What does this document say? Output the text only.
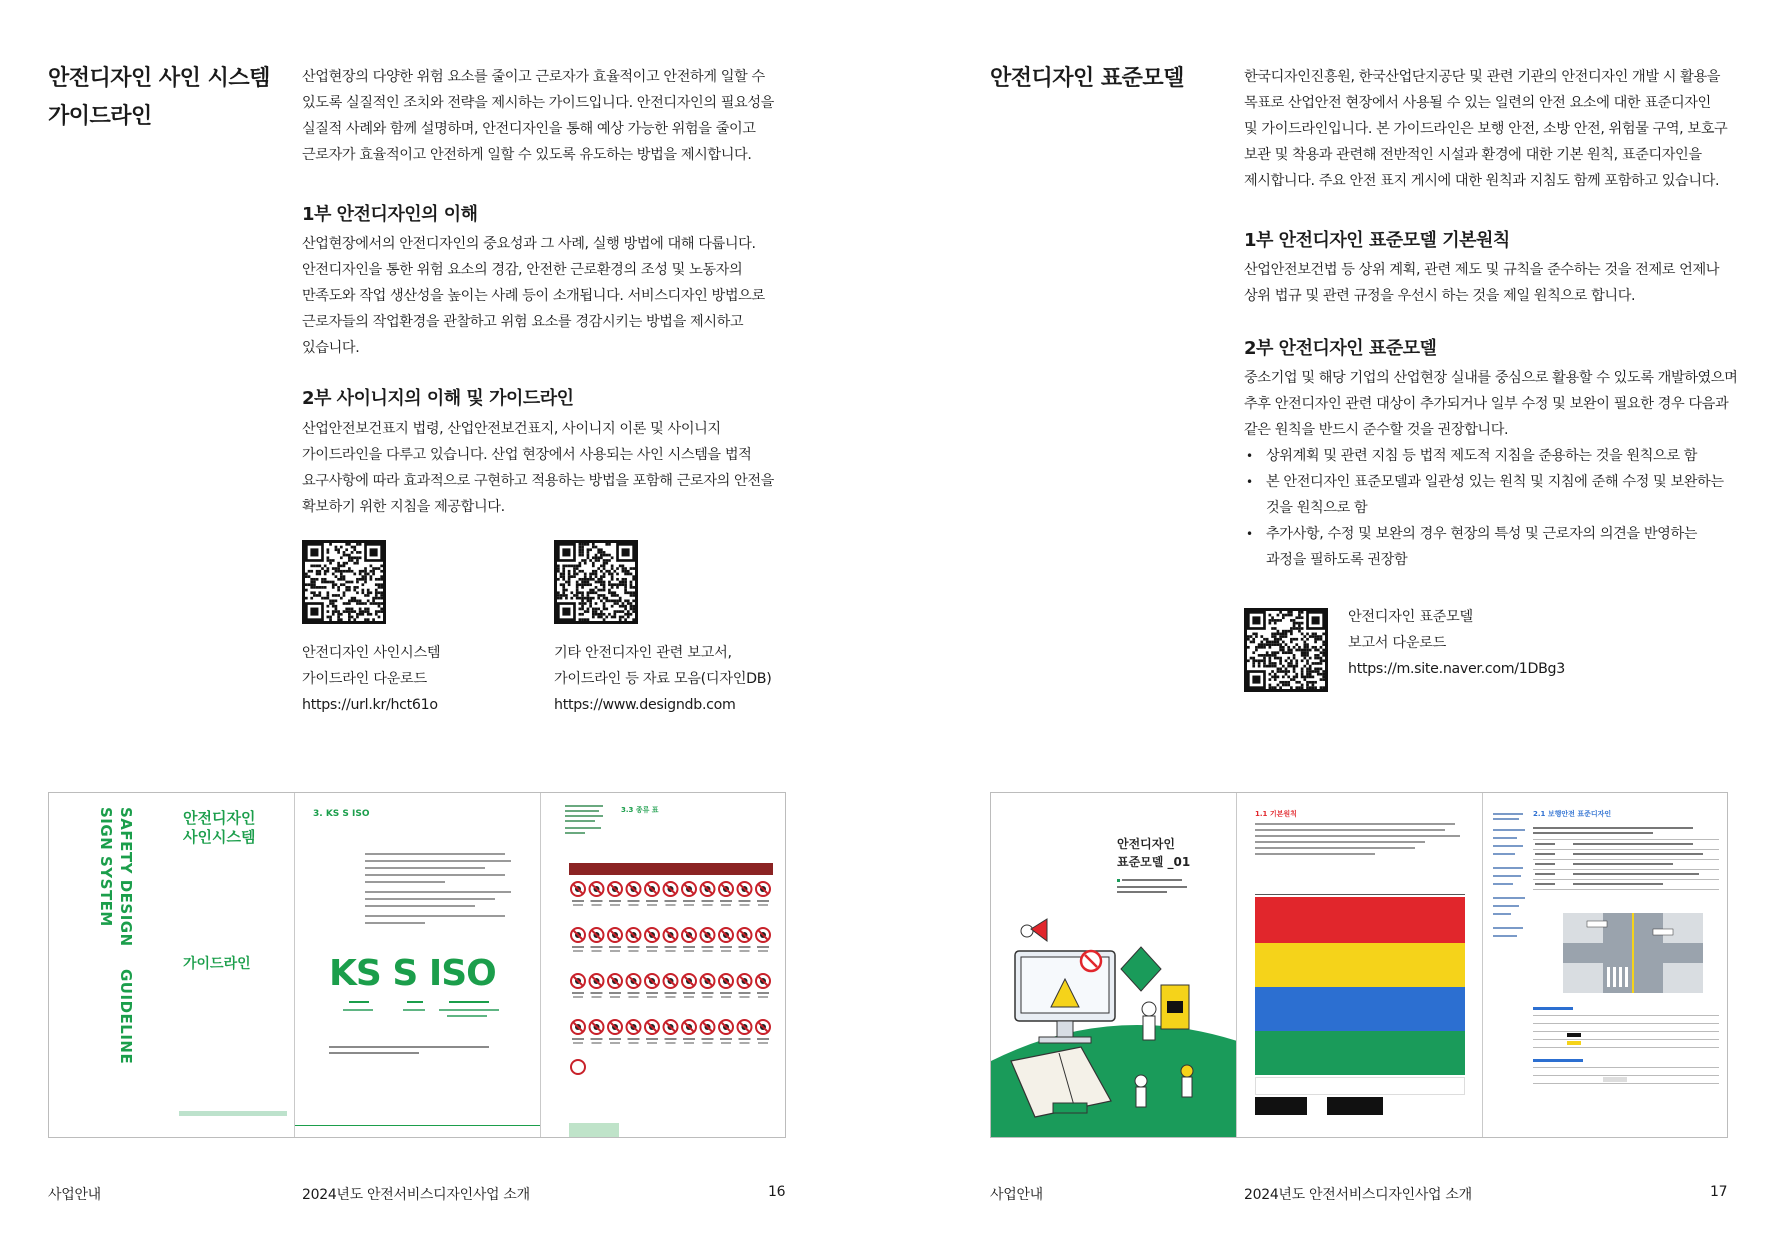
안전디자인 사인 시스템
가이드라인
산업현장의 다양한 위험 요소를 줄이고 근로자가 효율적이고 안전하게 일할 수
있도록 실질적인 조치와 전략을 제시하는 가이드입니다. 안전디자인의 필요성을
실질적 사례와 함께 설명하며, 안전디자인을 통해 예상 가능한 위험을 줄이고
근로자가 효율적이고 안전하게 일할 수 있도록 유도하는 방법을 제시합니다.
1부 안전디자인의 이해
산업현장에서의 안전디자인의 중요성과 그 사례, 실행 방법에 대해 다룹니다.
안전디자인을 통한 위험 요소의 경감, 안전한 근로환경의 조성 및 노동자의
만족도와 작업 생산성을 높이는 사례 등이 소개됩니다. 서비스디자인 방법으로
근로자들의 작업환경을 관찰하고 위험 요소를 경감시키는 방법을 제시하고
있습니다.
2부 사이니지의 이해 및 가이드라인
산업안전보건표지 법령, 산업안전보건표지, 사이니지 이론 및 사이니지
가이드라인을 다루고 있습니다. 산업 현장에서 사용되는 사인 시스템을 법적
요구사항에 따라 효과적으로 구현하고 적용하는 방법을 포함해 근로자의 안전을
확보하기 위한 지침을 제공합니다.
안전디자인 사인시스템
가이드라인 다운로드
https://url.kr/hct61o
기타 안전디자인 관련 보고서,
가이드라인 등 자료 모음(디자인DB)
https://www.designdb.com
SAFETY DESIGN
SIGN SYSTEM
GUIDELINE
안전디자인
사인시스템
가이드라인
3. KS S ISO
KS S ISO
3.3 종류 표
사업안내	2024년도 안전서비스디자인사업 소개	16
안전디자인 표준모델	한국디자인진흥원, 한국산업단지공단 및 관련 기관의 안전디자인 개발 시 활용을
목표로 산업안전 현장에서 사용될 수 있는 일련의 안전 요소에 대한 표준디자인
및 가이드라인입니다. 본 가이드라인은 보행 안전, 소방 안전, 위험물 구역, 보호구
보관 및 착용과 관련해 전반적인 시설과 환경에 대한 기본 원칙, 표준디자인을
제시합니다. 주요 안전 표지 게시에 대한 원칙과 지침도 함께 포함하고 있습니다.
1부 안전디자인 표준모델 기본원칙
산업안전보건법 등 상위 계획, 관련 제도 및 규칙을 준수하는 것을 전제로 언제나
상위 법규 및 관련 규정을 우선시 하는 것을 제일 원칙으로 합니다.
2부 안전디자인 표준모델
중소기업 및 해당 기업의 산업현장 실내를 중심으로 활용할 수 있도록 개발하였으며
추후 안전디자인 관련 대상이 추가되거나 일부 수정 및 보완이 필요한 경우 다음과
같은 원칙을 반드시 준수할 것을 권장합니다.
• 상위계획 및 관련 지침 등 법적 제도적 지침을 준용하는 것을 원칙으로 함
• 본 안전디자인 표준모델과 일관성 있는 원칙 및 지침에 준해 수정 및 보완하는
것을 원칙으로 함
• 추가사항, 수정 및 보완의 경우 현장의 특성 및 근로자의 의견을 반영하는
과정을 필하도록 권장함
안전디자인 표준모델
보고서 다운로드
https://m.site.naver.com/1DBg3
안전디자인
표준모델 _01
1.1 기본원칙	2.1 보행안전 표준디자인
사업안내	2024년도 안전서비스디자인사업 소개	17
